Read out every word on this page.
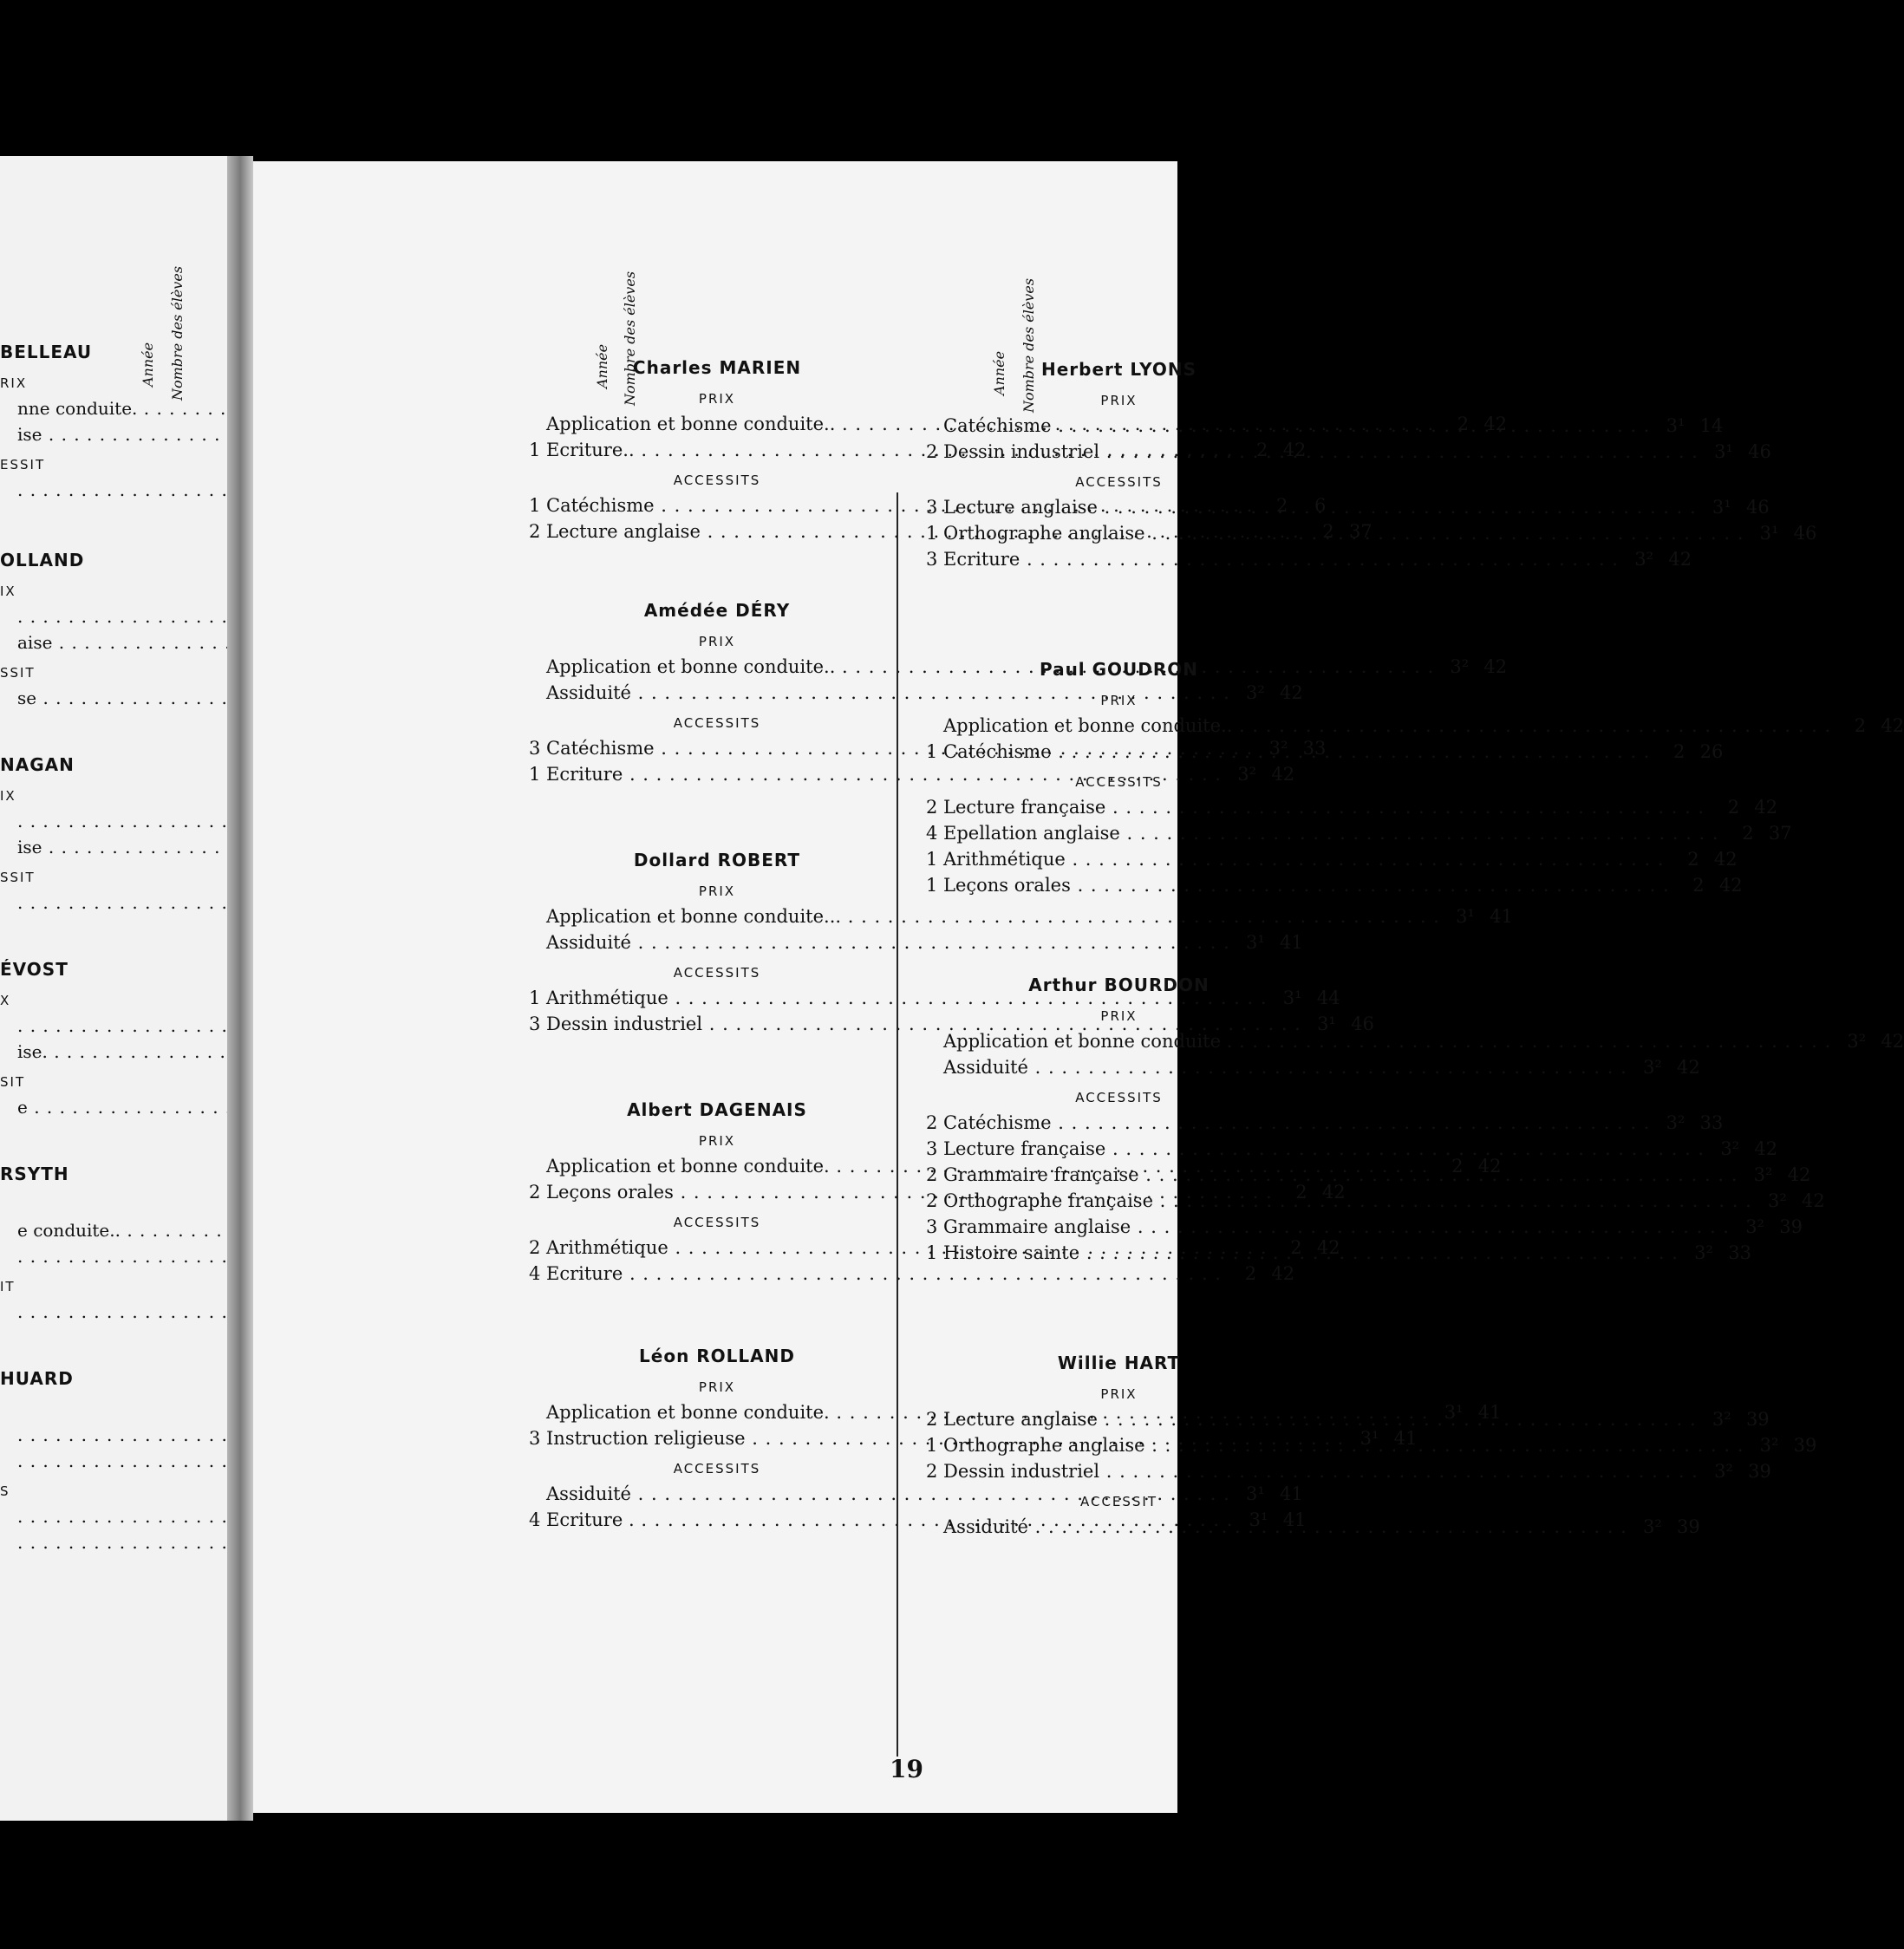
BELLEAU
RIX
nne conduite. . . .
ise . . .
ESSIT
. . .
OLLAND
IX
. . .
aise . . .
SSIT
se . . .
NAGAN
IX
. . .
ise . . .
SSIT
. . .
ÉVOST
X
. . .
ise. . . .
SIT
e . . .
RSYTH
e conduite.. . . .
. . .
IT
. . .
HUARD
. . .
. . .
S
. . .
. . .
Année Nombre des élèves	Année Nombre des élèves	Année Nombre des élèves
Charles MARIEN
PRIX
Application et bonne conduite.. . . .	2 42
1 Ecriture.. . . .	2 42
ACCESSITS
1 Catéchisme . . .	2	6
2 Lecture anglaise . . .	2 37
Amédée DÉRY
PRIX
Application et bonne conduite.. . . .	3² 42
Assiduité . . .	3² 42
ACCESSITS
3 Catéchisme . . .	3² 33
1 Ecriture . . .	3² 42
Dollard ROBERT
PRIX
Application et bonne conduite... . . .	3¹ 41
Assiduité . . .	3¹ 41
ACCESSITS
1 Arithmétique . . .	3¹ 44
3 Dessin industriel . . .	3¹ 46
Albert DAGENAIS
PRIX
Application et bonne conduite. . . .	2 42
2 Leçons orales . . .	2 42
ACCESSITS
2 Arithmétique . . .	2 42
4 Ecriture . . .	2 42
Léon ROLLAND
PRIX
Application et bonne conduite. . . .	3¹ 41
3 Instruction religieuse . . .	3¹ 41
ACCESSITS
Assiduité . . .	3¹ 41
4 Ecriture . . . .	3¹ 41
Herbert LYONS
PRIX
Catéchisme . . .	3¹ 14
2 Dessin industriel . . .	3¹ 46
ACCESSITS
3 Lecture anglaise . . .	3¹ 46
1 Orthographe anglaise . . .	3¹ 46
3 Ecriture . . .	3² 42
Paul GOUDRON
PRIX
Application et bonne conduite.. . . .	2 42
1 Catéchisme . . .	2 26
ACCESSITS
2 Lecture française . . .	2 42
4 Epellation anglaise . . .	2 37
1 Arithmétique . . .	2 42
1 Leçons orales . . .	2 42
Arthur BOURDON
PRIX
Application et bonne conduite . . . .	3² 42
Assiduité . . .	3² 42
ACCESSITS
2 Catéchisme . . .	3² 33
3 Lecture française . . .	3² 42
2 Grammaire française . . .	3² 42
2 Orthographe française . . .	3² 42
3 Grammaire anglaise . . .	3² 39
1 Histoire sainte . . .	3² 33
Willie HART
PRIX
2 Lecture anglaise . . .	3² 39
1 Orthographe anglaise . . .	3² 39
2 Dessin industriel . . .	3² 39
ACCESSIT
Assiduité . . .	3² 39
19
